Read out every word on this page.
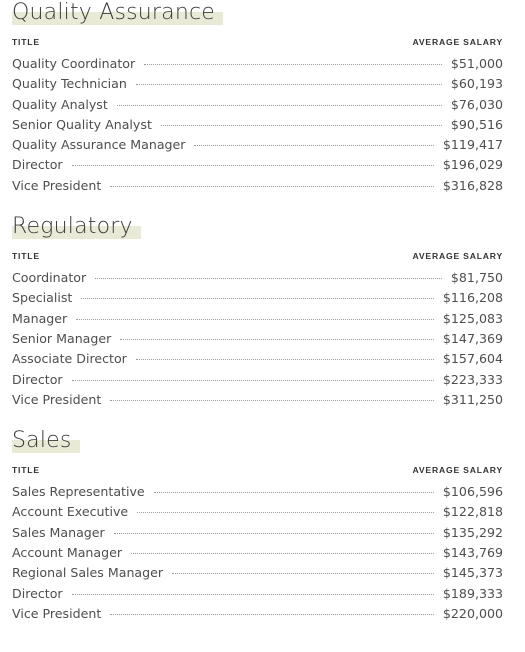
Quality Assurance
TITLE	AVERAGE SALARY
Quality Coordinator	$51,000
Quality Technician	$60,193
Quality Analyst	$76,030
Senior Quality Analyst	$90,516
Quality Assurance Manager	$119,417
Director	$196,029
Vice President	$316,828
Regulatory
TITLE	AVERAGE SALARY
Coordinator	$81,750
Specialist	$116,208
Manager	$125,083
Senior Manager	$147,369
Associate Director	$157,604
Director	$223,333
Vice President	$311,250
Sales
TITLE	AVERAGE SALARY
Sales Representative	$106,596
Account Executive	$122,818
Sales Manager	$135,292
Account Manager	$143,769
Regional Sales Manager	$145,373
Director	$189,333
Vice President	$220,000
